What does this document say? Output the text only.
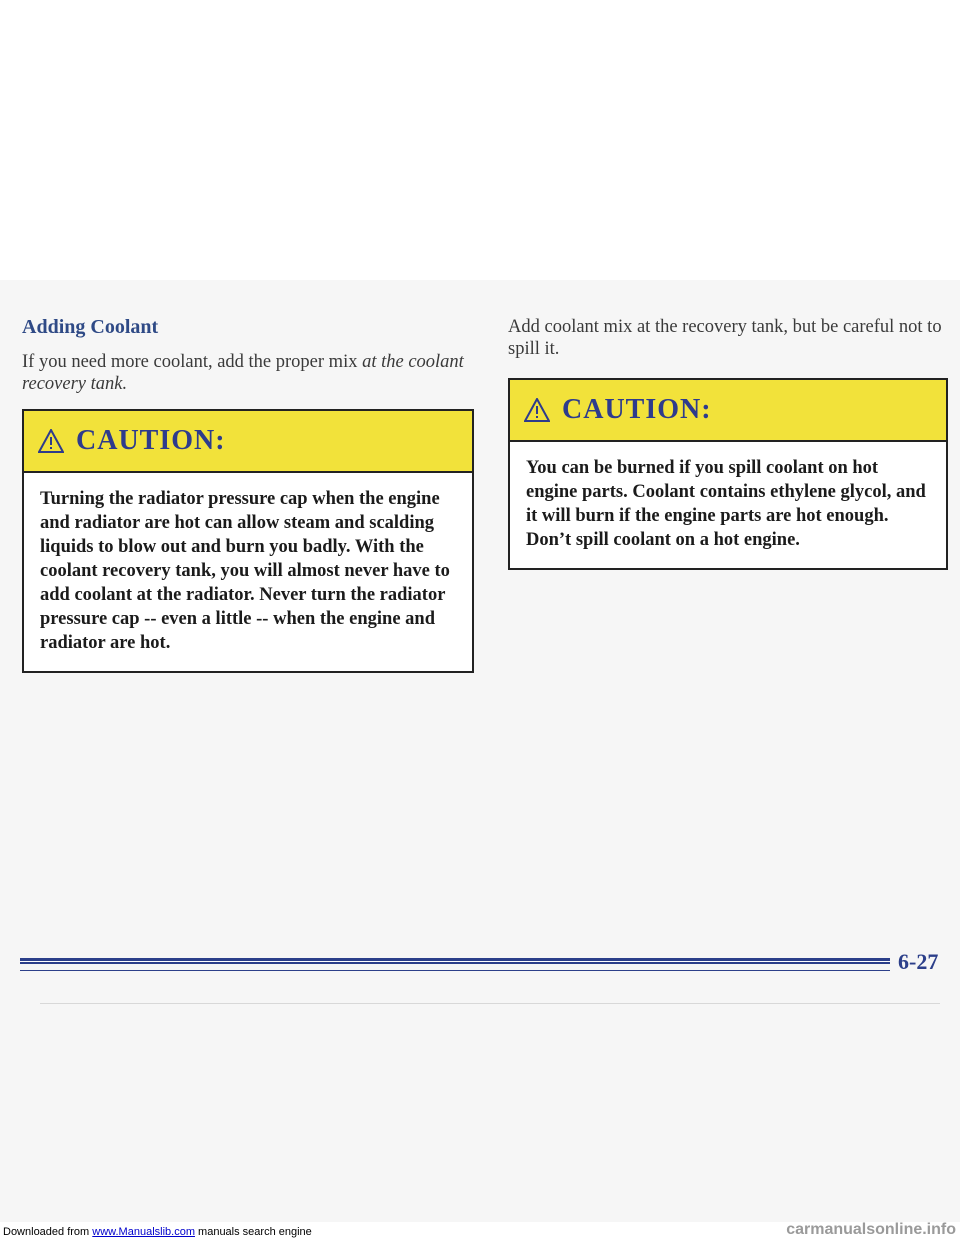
Adding Coolant

If you need more coolant, add the proper mix at the coolant recovery tank.

CAUTION:

Turning the radiator pressure cap when the engine and radiator are hot can allow steam and scalding liquids to blow out and burn you badly. With the coolant recovery tank, you will almost never have to add coolant at the radiator. Never turn the radiator pressure cap -- even a little -- when the engine and radiator are hot.

Add coolant mix at the recovery tank, but be careful not to spill it.

CAUTION:

You can be burned if you spill coolant on hot engine parts. Coolant contains ethylene glycol, and it will burn if the engine parts are hot enough. Don’t spill coolant on a hot engine.

6-27
Downloaded from www.Manualslib.com manuals search engine	carmanualsonline.info
